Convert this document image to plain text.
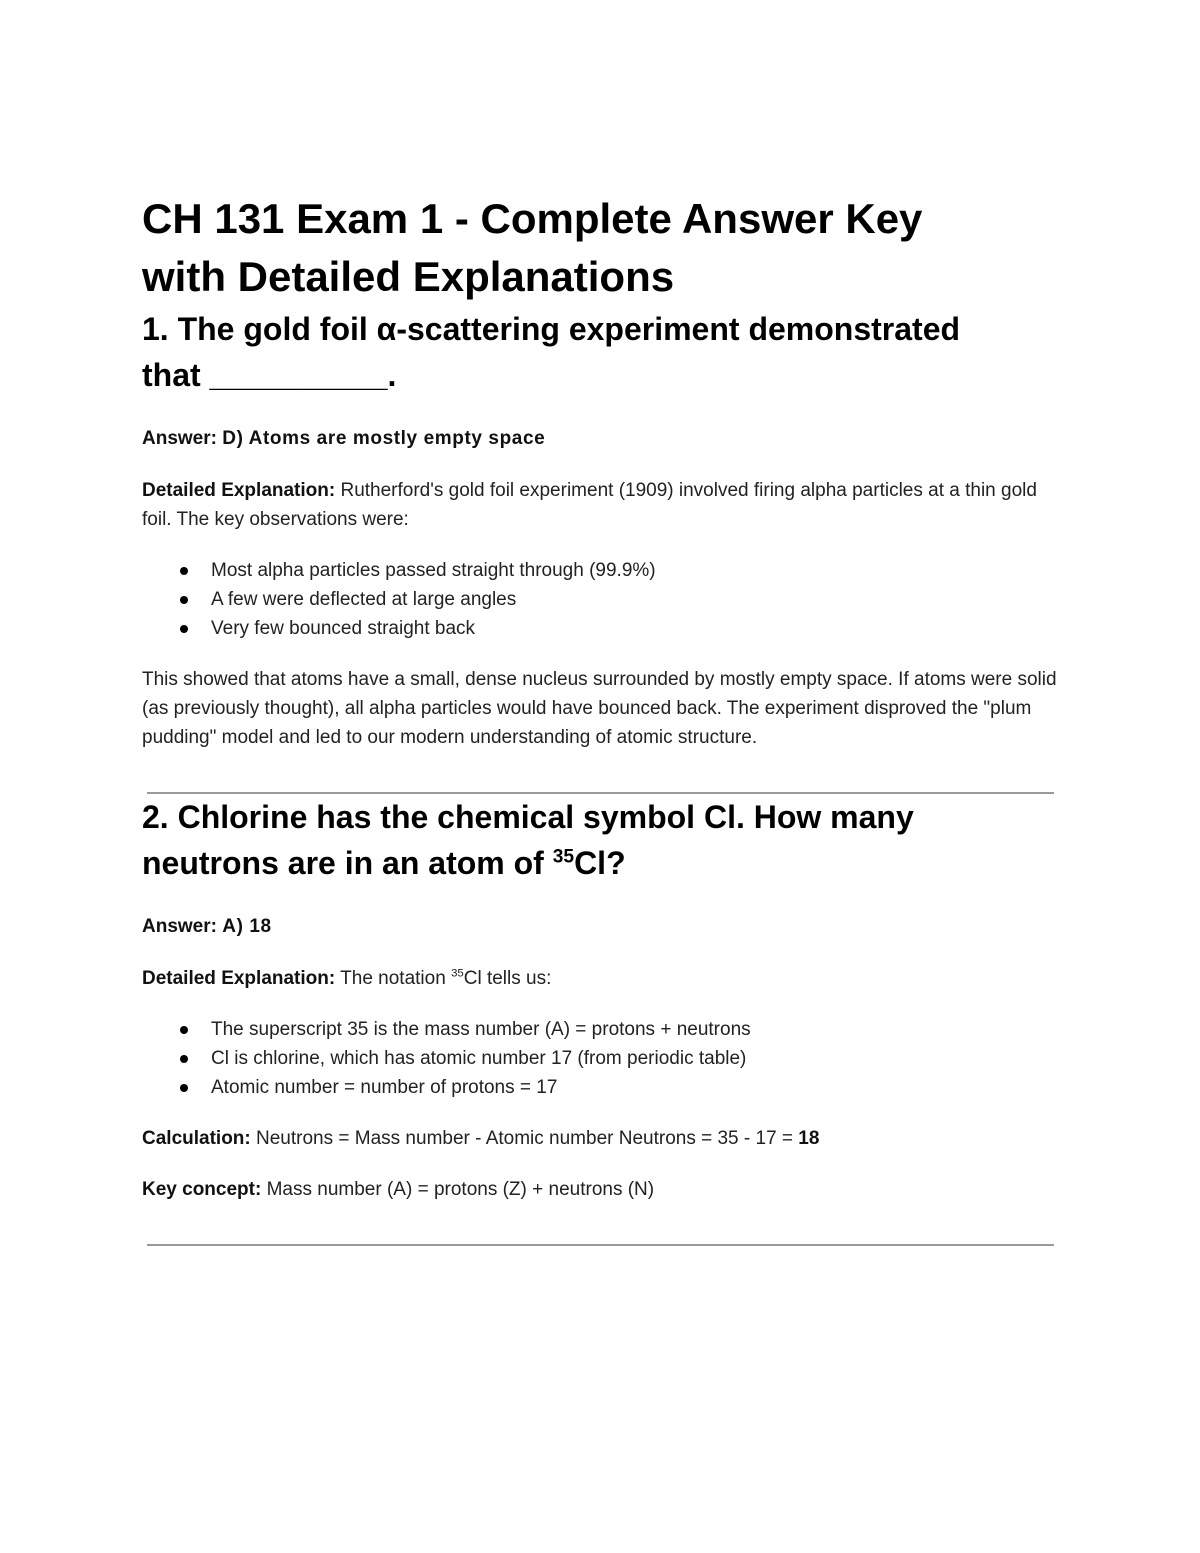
CH 131 Exam 1 - Complete Answer Key
with Detailed Explanations
1. The gold foil α-scattering experiment demonstrated
that __________.

Answer: D) Atoms are mostly empty space

Detailed Explanation: Rutherford's gold foil experiment (1909) involved firing alpha particles at a thin gold foil. The key observations were:

Most alpha particles passed straight through (99.9%)
A few were deflected at large angles
Very few bounced straight back

This showed that atoms have a small, dense nucleus surrounded by mostly empty space. If atoms were solid (as previously thought), all alpha particles would have bounced back. The experiment disproved the "plum pudding" model and led to our modern understanding of atomic structure.

2. Chlorine has the chemical symbol Cl. How many
neutrons are in an atom of $^{35}$Cl?

Answer: A) 18

Detailed Explanation: The notation $^{35}$Cl tells us:

The superscript 35 is the mass number (A) = protons + neutrons
Cl is chlorine, which has atomic number 17 (from periodic table)
Atomic number = number of protons = 17

Calculation: Neutrons = Mass number - Atomic number Neutrons = 35 - 17 = 18

Key concept: Mass number (A) = protons (Z) + neutrons (N)
